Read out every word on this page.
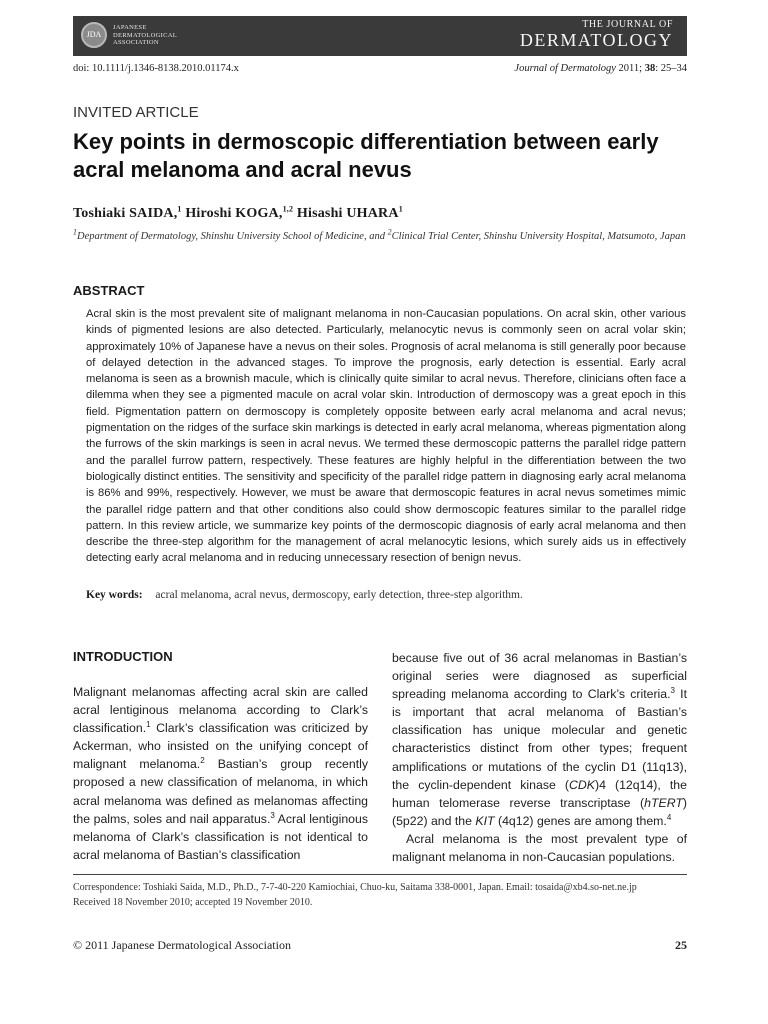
JDA
JAPANESE DERMATOLOGICAL ASSOCIATION
THE JOURNAL OF
DERMATOLOGY
doi: 10.1111/j.1346-8138.2010.01174.x	Journal of Dermatology 2011; 38: 25–34
INVITED ARTICLE
Key points in dermoscopic differentiation between early acral melanoma and acral nevus
Toshiaki SAIDA,$^1$ Hiroshi KOGA,$^{1,2}$ Hisashi UHARA$^1$
$^1$Department of Dermatology, Shinshu University School of Medicine, and $^2$Clinical Trial Center, Shinshu University Hospital, Matsumoto, Japan
ABSTRACT

Acral skin is the most prevalent site of malignant melanoma in non-Caucasian populations. On acral skin, other various kinds of pigmented lesions are also detected. Particularly, melanocytic nevus is commonly seen on acral volar skin; approximately 10% of Japanese have a nevus on their soles. Prognosis of acral melanoma is still generally poor because of delayed detection in the advanced stages. To improve the prognosis, early detection is essential. Early acral melanoma is seen as a brownish macule, which is clinically quite similar to acral nevus. Therefore, clinicians often face a dilemma when they see a pigmented macule on acral volar skin. Introduction of dermoscopy was a great epoch in this field. Pigmentation pattern on dermoscopy is completely opposite between early acral melanoma and acral nevus; pigmentation on the ridges of the surface skin markings is detected in early acral melanoma, whereas pigmentation along the furrows of the skin markings is seen in acral nevus. We termed these dermoscopic patterns the parallel ridge pattern and the parallel furrow pattern, respectively. These features are highly helpful in the differentiation between the two biologically distinct entities. The sensitivity and specificity of the parallel ridge pattern in diagnosing early acral melanoma is 86% and 99%, respectively. However, we must be aware that dermoscopic features in acral nevus sometimes mimic the parallel ridge pattern and that other conditions also could show dermoscopic features similar to the parallel ridge pattern. In this review article, we summarize key points of the dermoscopic diagnosis of early acral melanoma and then describe the three-step algorithm for the management of acral melanocytic lesions, which surely aids us in effectively detecting early acral melanoma and in reducing unnecessary resection of benign nevus.

Key words: acral melanoma, acral nevus, dermoscopy, early detection, three-step algorithm.
INTRODUCTION

Malignant melanomas affecting acral skin are called acral lentiginous melanoma according to Clark’s classification.$^1$ Clark’s classification was criticized by Ackerman, who insisted on the unifying concept of malignant melanoma.$^2$ Bastian’s group recently proposed a new classification of melanoma, in which acral melanoma was defined as melanomas affecting the palms, soles and nail apparatus.$^3$ Acral lentiginous melanoma of Clark’s classification is not identical to acral melanoma of Bastian’s classification

because five out of 36 acral melanomas in Bastian’s original series were diagnosed as superficial spreading melanoma according to Clark’s criteria.$^3$ It is important that acral melanoma of Bastian’s classification has unique molecular and genetic characteristics distinct from other types; frequent amplifications or mutations of the cyclin D1 (11q13), the cyclin-dependent kinase (CDK)4 (12q14), the human telomerase reverse transcriptase (hTERT) (5p22) and the KIT (4q12) genes are among them.$^4$
Acral melanoma is the most prevalent type of malignant melanoma in non-Caucasian populations.

Correspondence: Toshiaki Saida, M.D., Ph.D., 7-7-40-220 Kamiochiai, Chuo-ku, Saitama 338-0001, Japan. Email: tosaida@xb4.so-net.ne.jp
Received 18 November 2010; accepted 19 November 2010.
© 2011 Japanese Dermatological Association	25
